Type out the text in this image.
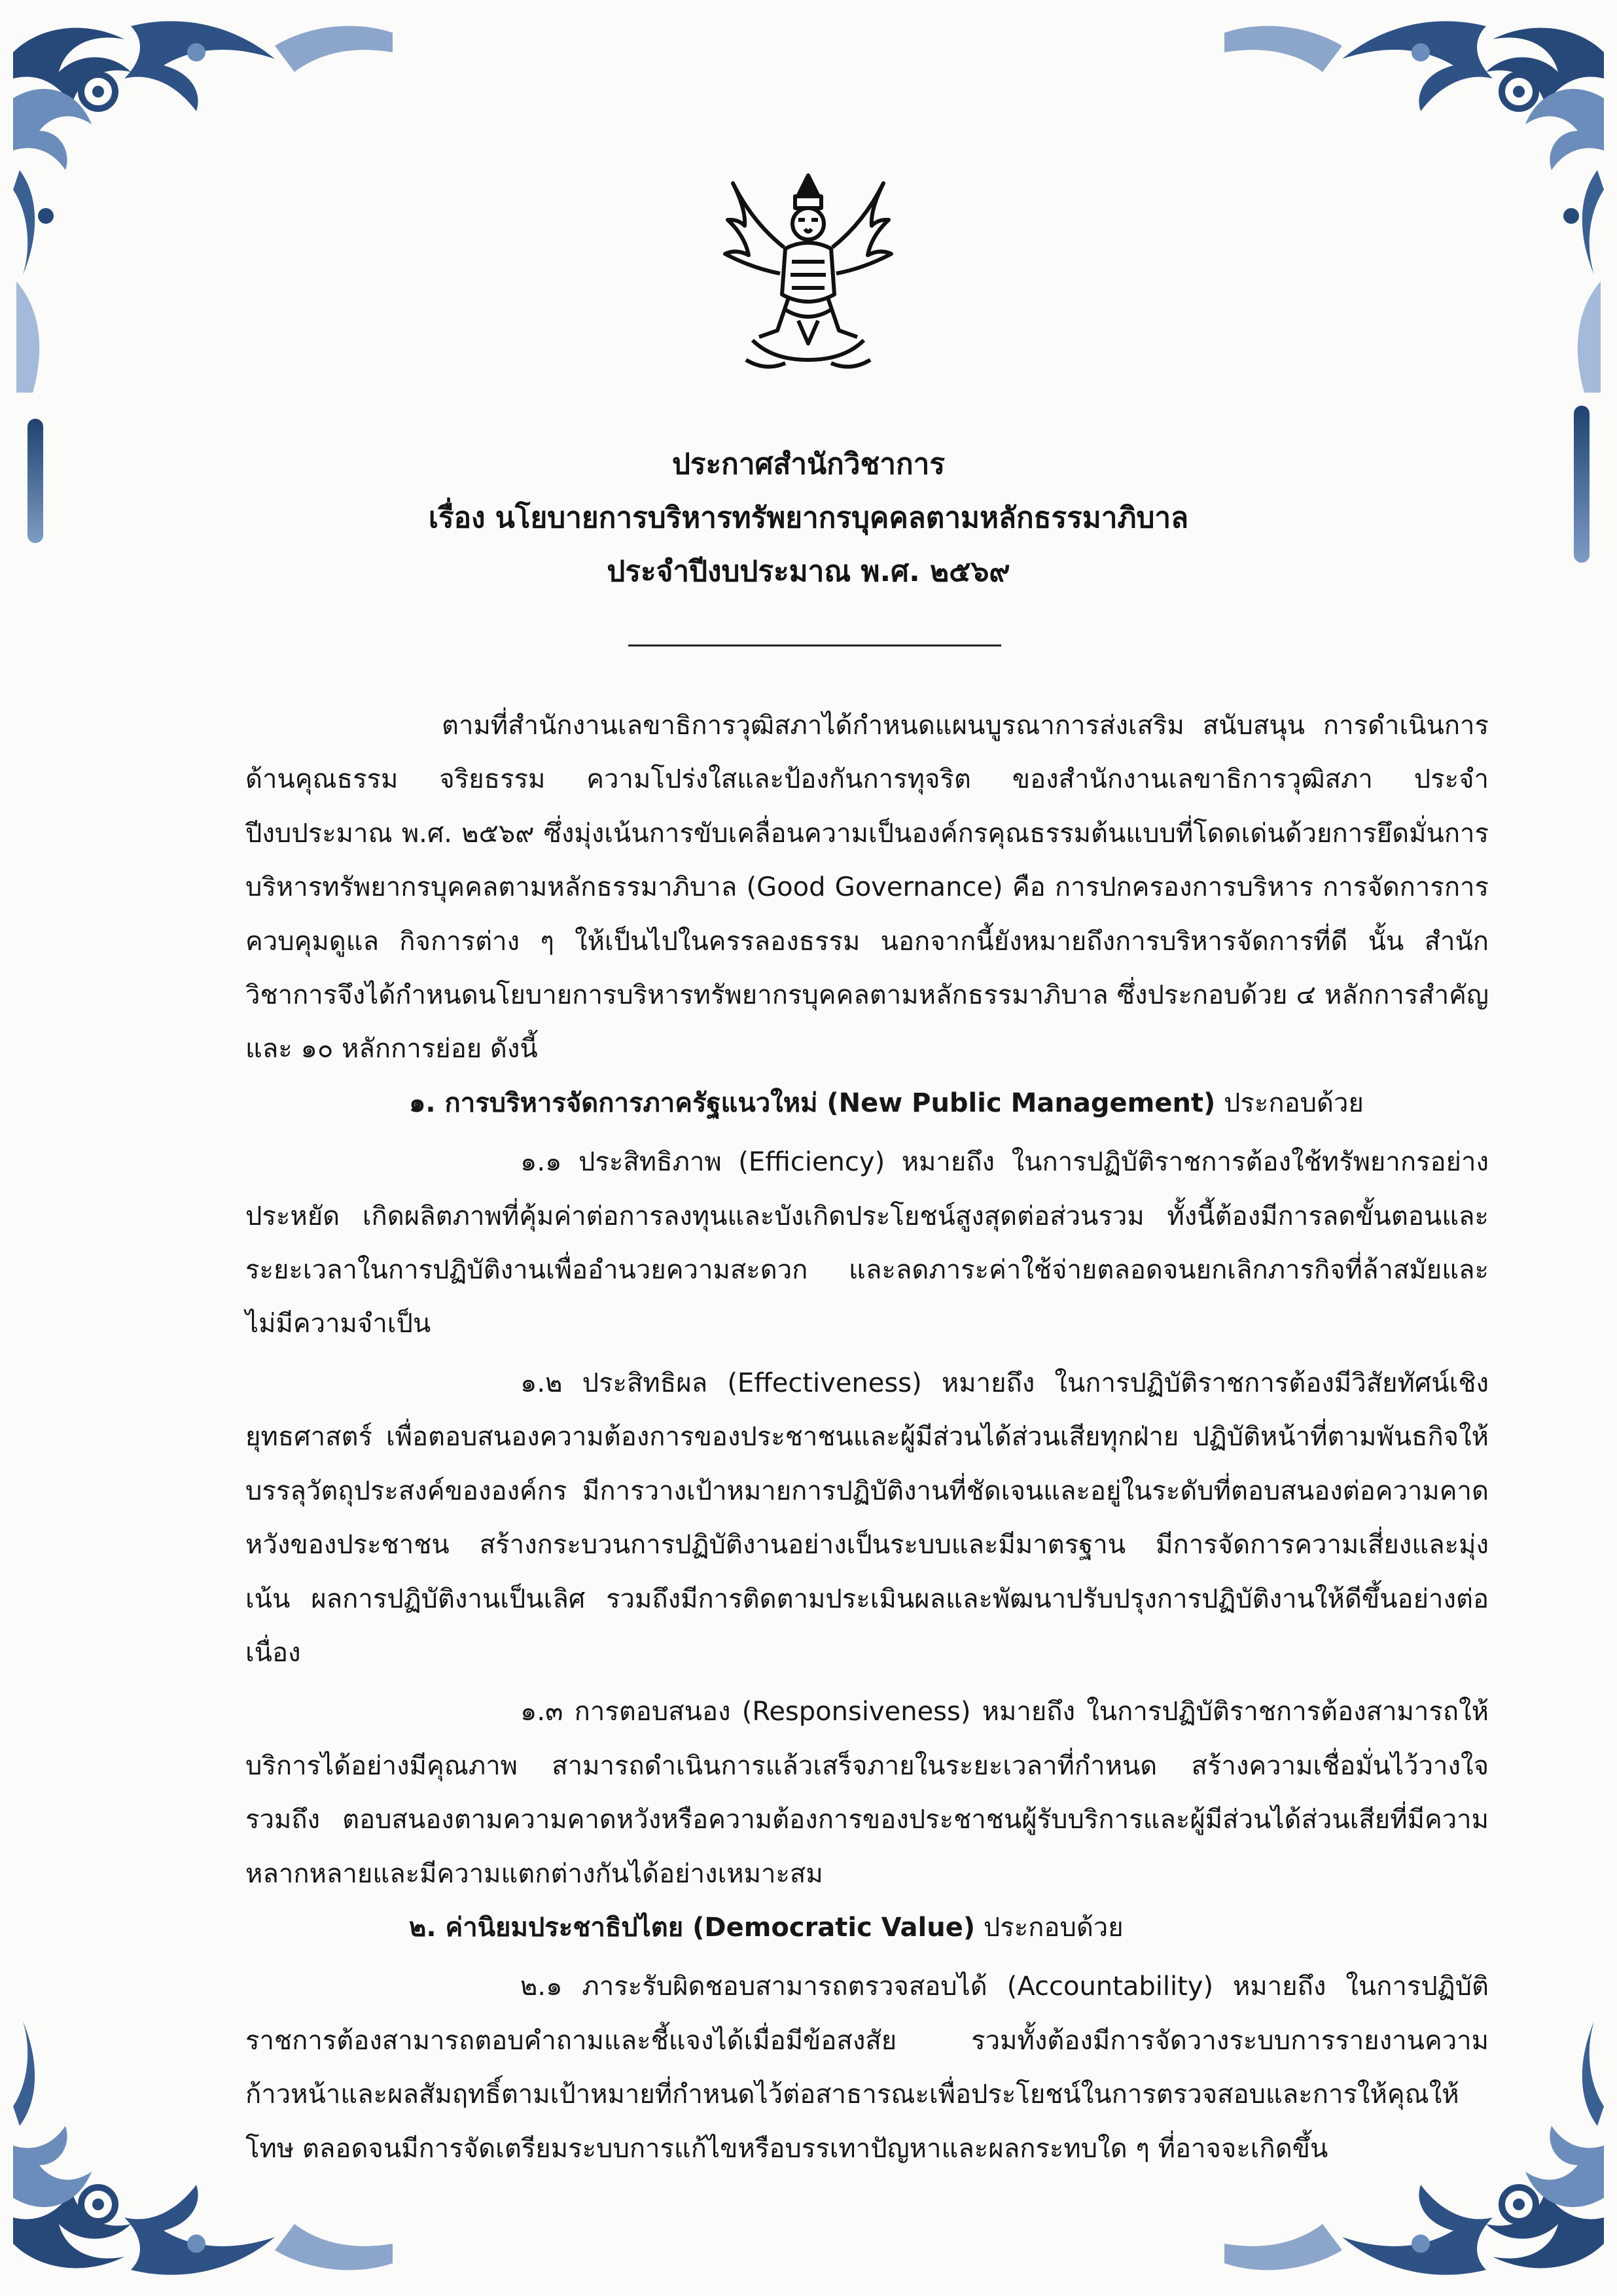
ประกาศสำนักวิชาการ
เรื่อง นโยบายการบริหารทรัพยากรบุคคลตามหลักธรรมาภิบาล
ประจำปีงบประมาณ พ.ศ. ๒๕๖๙

ตามที่สำนักงานเลขาธิการวุฒิสภาได้กำหนดแผนบูรณาการส่งเสริม สนับสนุน การดำเนินการด้านคุณธรรม จริยธรรม ความโปร่งใสและป้องกันการทุจริต ของสำนักงานเลขาธิการวุฒิสภา ประจำปีงบประมาณ พ.ศ. ๒๕๖๙ ซึ่งมุ่งเน้นการขับเคลื่อนความเป็นองค์กรคุณธรรมต้นแบบที่โดดเด่นด้วยการยึดมั่นการบริหารทรัพยากรบุคคลตามหลักธรรมาภิบาล (Good Governance) คือ การปกครองการบริหาร การจัดการการควบคุมดูแล กิจการต่าง ๆ ให้เป็นไปในครรลองธรรม นอกจากนี้ยังหมายถึงการบริหารจัดการที่ดี นั้น สำนักวิชาการจึงได้กำหนดนโยบายการบริหารทรัพยากรบุคคลตามหลักธรรมาภิบาล ซึ่งประกอบด้วย ๔ หลักการสำคัญ และ ๑๐ หลักการย่อย ดังนี้

๑. การบริหารจัดการภาครัฐแนวใหม่ (New Public Management) ประกอบด้วย

๑.๑ ประสิทธิภาพ (Efficiency) หมายถึง ในการปฏิบัติราชการต้องใช้ทรัพยากรอย่างประหยัด เกิดผลิตภาพที่คุ้มค่าต่อการลงทุนและบังเกิดประโยชน์สูงสุดต่อส่วนรวม ทั้งนี้ต้องมีการลดขั้นตอนและระยะเวลาในการปฏิบัติงานเพื่ออำนวยความสะดวก และลดภาระค่าใช้จ่ายตลอดจนยกเลิกภารกิจที่ล้าสมัยและไม่มีความจำเป็น

๑.๒ ประสิทธิผล (Effectiveness) หมายถึง ในการปฏิบัติราชการต้องมีวิสัยทัศน์เชิงยุทธศาสตร์ เพื่อตอบสนองความต้องการของประชาชนและผู้มีส่วนได้ส่วนเสียทุกฝ่าย ปฏิบัติหน้าที่ตามพันธกิจให้บรรลุวัตถุประสงค์ขององค์กร มีการวางเป้าหมายการปฏิบัติงานที่ชัดเจนและอยู่ในระดับที่ตอบสนองต่อความคาดหวังของประชาชน สร้างกระบวนการปฏิบัติงานอย่างเป็นระบบและมีมาตรฐาน มีการจัดการความเสี่ยงและมุ่งเน้น ผลการปฏิบัติงานเป็นเลิศ รวมถึงมีการติดตามประเมินผลและพัฒนาปรับปรุงการปฏิบัติงานให้ดีขึ้นอย่างต่อเนื่อง

๑.๓ การตอบสนอง (Responsiveness) หมายถึง ในการปฏิบัติราชการต้องสามารถให้บริการได้อย่างมีคุณภาพ สามารถดำเนินการแล้วเสร็จภายในระยะเวลาที่กำหนด สร้างความเชื่อมั่นไว้วางใจ รวมถึง ตอบสนองตามความคาดหวังหรือความต้องการของประชาชนผู้รับบริการและผู้มีส่วนได้ส่วนเสียที่มีความหลากหลายและมีความแตกต่างกันได้อย่างเหมาะสม

๒. ค่านิยมประชาธิปไตย (Democratic Value) ประกอบด้วย

๒.๑ ภาระรับผิดชอบสามารถตรวจสอบได้ (Accountability) หมายถึง ในการปฏิบัติราชการต้องสามารถตอบคำถามและชี้แจงได้เมื่อมีข้อสงสัย รวมทั้งต้องมีการจัดวางระบบการรายงานความก้าวหน้าและผลสัมฤทธิ์ตามเป้าหมายที่กำหนดไว้ต่อสาธารณะเพื่อประโยชน์ในการตรวจสอบและการให้คุณให้โทษ ตลอดจนมีการจัดเตรียมระบบการแก้ไขหรือบรรเทาปัญหาและผลกระทบใด ๆ ที่อาจจะเกิดขึ้น
